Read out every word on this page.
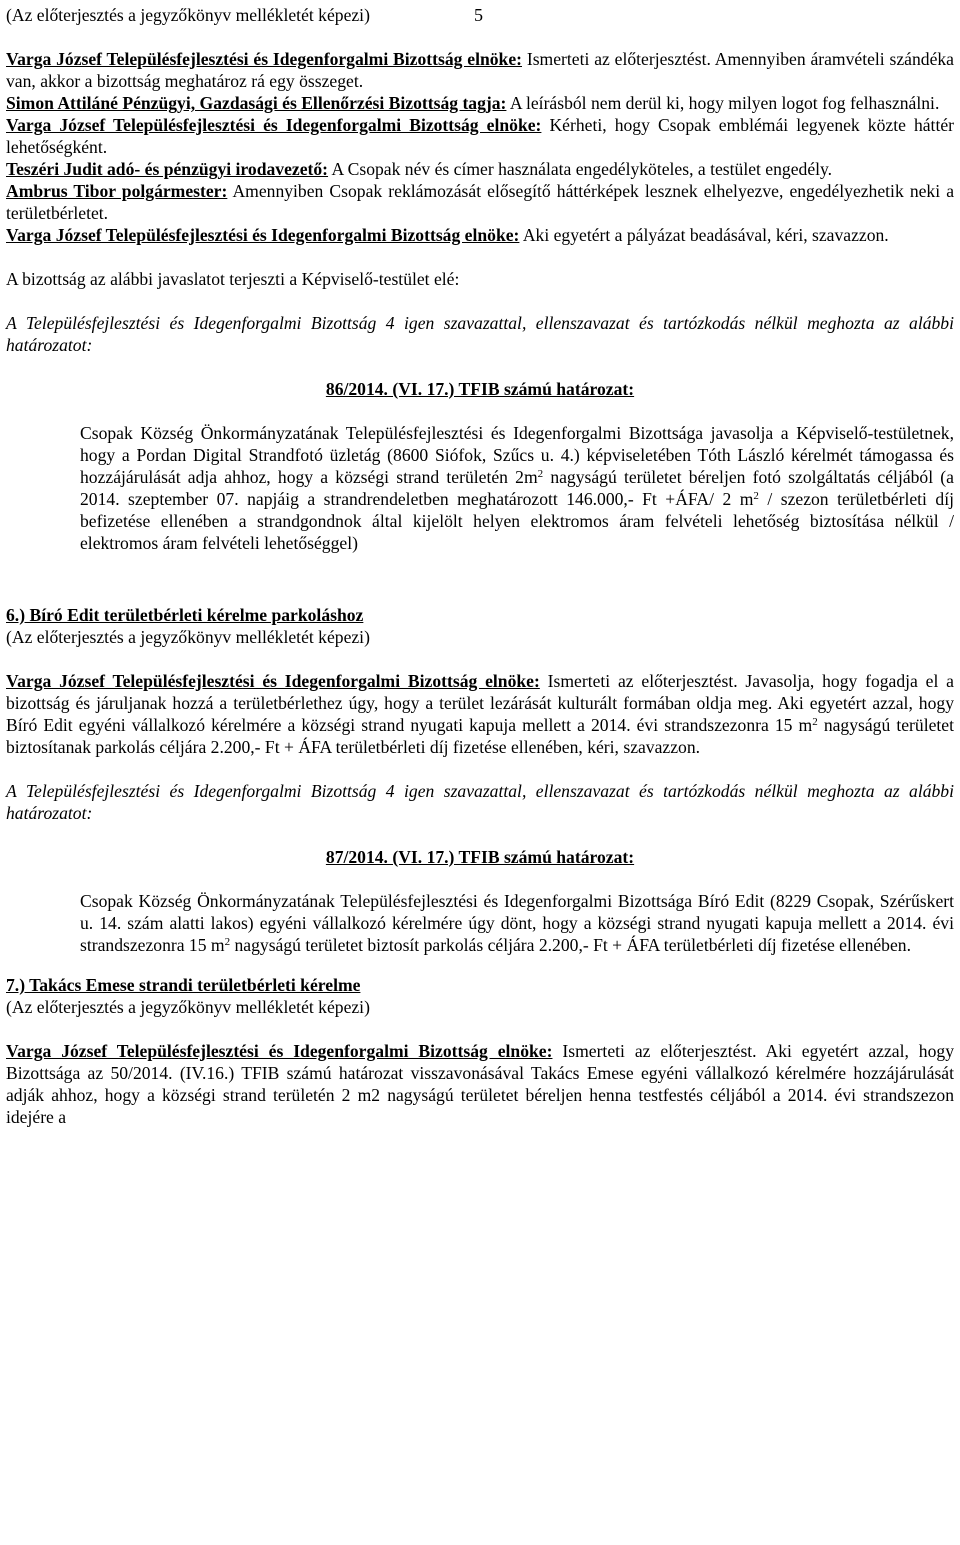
5

(Az előterjesztés a jegyzőkönyv mellékletét képezi)

Varga József Településfejlesztési és Idegenforgalmi Bizottság elnöke: Ismerteti az előterjesztést. Amennyiben áramvételi szándéka van, akkor a bizottság meghatároz rá egy összeget.

Simon Attiláné Pénzügyi, Gazdasági és Ellenőrzési Bizottság tagja: A leírásból nem derül ki, hogy milyen logot fog felhasználni.

Varga József Településfejlesztési és Idegenforgalmi Bizottság elnöke: Kérheti, hogy Csopak emblémái legyenek közte háttér lehetőségként.

Teszéri Judit adó- és pénzügyi irodavezető: A Csopak név és címer használata engedélyköteles, a testület engedély.

Ambrus Tibor polgármester: Amennyiben Csopak reklámozását elősegítő háttérképek lesznek elhelyezve, engedélyezhetik neki a területbérletet.

Varga József Településfejlesztési és Idegenforgalmi Bizottság elnöke: Aki egyetért a pályázat beadásával, kéri, szavazzon.

A bizottság az alábbi javaslatot terjeszti a Képviselő-testület elé:

A Településfejlesztési és Idegenforgalmi Bizottság 4 igen szavazattal, ellenszavazat és tartózkodás nélkül meghozta az alábbi határozatot:

86/2014. (VI. 17.) TFIB számú határozat:

Csopak Község Önkormányzatának Településfejlesztési és Idegenforgalmi Bizottsága javasolja a Képviselő-testületnek, hogy a Pordan Digital Strandfotó üzletág (8600 Siófok, Szűcs u. 4.) képviseletében Tóth László kérelmét támogassa és hozzájárulását adja ahhoz, hogy a községi strand területén $2m^2$ nagyságú területet béreljen fotó szolgáltatás céljából (a 2014. szeptember 07. napjáig a strandrendeletben meghatározott 146.000,- Ft +ÁFA/ 2 $m^2$ / szezon területbérleti díj befizetése ellenében a strandgondnok által kijelölt helyen elektromos áram felvételi lehetőség biztosítása nélkül / elektromos áram felvételi lehetőséggel)

6.) Bíró Edit területbérleti kérelme parkoláshoz

(Az előterjesztés a jegyzőkönyv mellékletét képezi)

Varga József Településfejlesztési és Idegenforgalmi Bizottság elnöke: Ismerteti az előterjesztést. Javasolja, hogy fogadja el a bizottság és járuljanak hozzá a területbérlethez úgy, hogy a terület lezárását kulturált formában oldja meg. Aki egyetért azzal, hogy Bíró Edit egyéni vállalkozó kérelmére a községi strand nyugati kapuja mellett a 2014. évi strandszezonra 15 $m^2$ nagyságú területet biztosítanak parkolás céljára 2.200,- Ft + ÁFA területbérleti díj fizetése ellenében, kéri, szavazzon.

A Településfejlesztési és Idegenforgalmi Bizottság 4 igen szavazattal, ellenszavazat és tartózkodás nélkül meghozta az alábbi határozatot:

87/2014. (VI. 17.) TFIB számú határozat:

Csopak Község Önkormányzatának Településfejlesztési és Idegenforgalmi Bizottsága Bíró Edit (8229 Csopak, Szérűskert u. 14. szám alatti lakos) egyéni vállalkozó kérelmére úgy dönt, hogy a községi strand nyugati kapuja mellett a 2014. évi strandszezonra 15 $m^2$ nagyságú területet biztosít parkolás céljára 2.200,- Ft + ÁFA területbérleti díj fizetése ellenében.

7.) Takács Emese strandi területbérleti kérelme

(Az előterjesztés a jegyzőkönyv mellékletét képezi)

Varga József Településfejlesztési és Idegenforgalmi Bizottság elnöke: Ismerteti az előterjesztést. Aki egyetért azzal, hogy Bizottsága az 50/2014. (IV.16.) TFIB számú határozat visszavonásával Takács Emese egyéni vállalkozó kérelmére hozzájárulását adják ahhoz, hogy a községi strand területén 2 m2 nagyságú területet béreljen henna testfestés céljából a 2014. évi strandszezon idejére a
